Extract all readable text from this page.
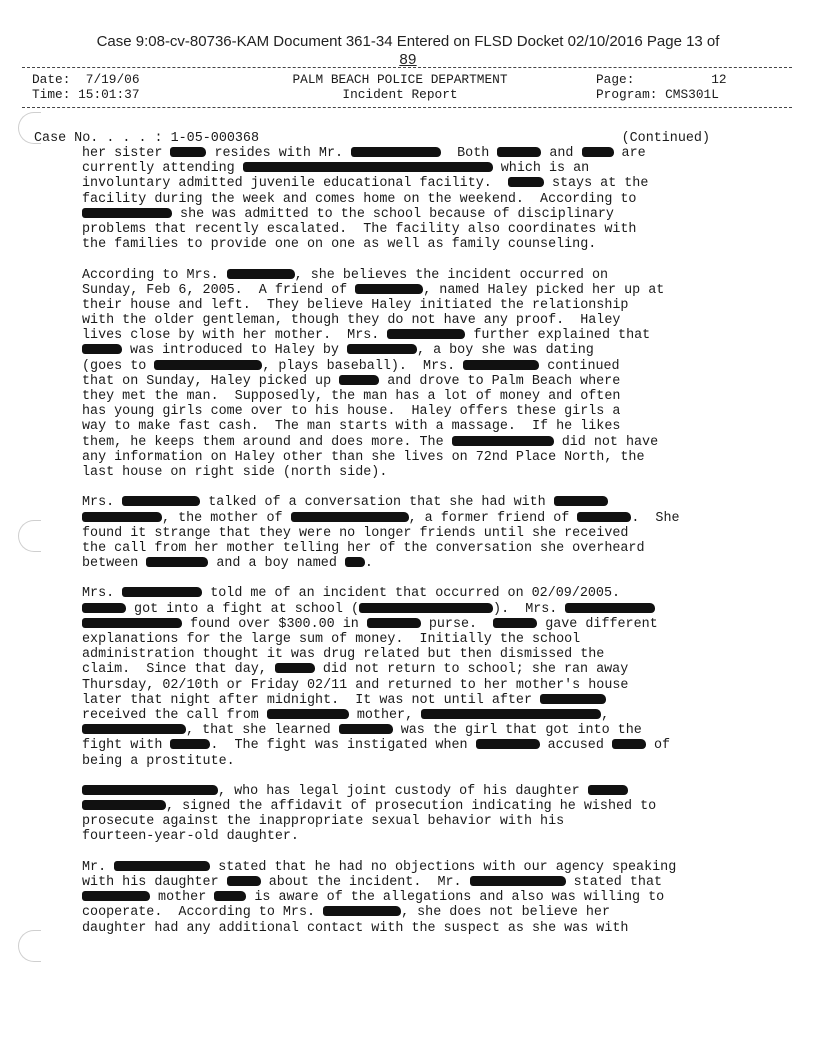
Case 9:08-cv-80736-KAM Document 361-34 Entered on FLSD Docket 02/10/2016 Page 13 of
89
Date: 7/19/06
Time: 15:01:37
PALM BEACH POLICE DEPARTMENT
Incident Report
Page:	12
Program: CMS301L
Case No. . . . : 1-05-000368	(Continued)
her sister	resides with Mr.	Both	and  are
currently attending	which is an
involuntary admitted juvenile educational facility.	stays at the
facility during the week and comes home on the weekend.  According to
she was admitted to the school because of disciplinary
problems that recently escalated.  The facility also coordinates with
the families to provide one on one as well as family counseling.
According to Mrs.	, she believes the incident occurred on
Sunday, Feb 6, 2005.  A friend of	, named Haley picked her up at
their house and left.  They believe Haley initiated the relationship
with the older gentleman, though they do not have any proof.  Haley
lives close by with her mother.  Mrs.	further explained that
was introduced to Haley by	, a boy she was dating
(goes to	, plays baseball).  Mrs.	continued
that on Sunday, Haley picked up	and drove to Palm Beach where
they met the man.  Supposedly, the man has a lot of money and often
has young girls come over to his house.  Haley offers these girls a
way to make fast cash.  The man starts with a massage.  If he likes
them, he keeps them around and does more. The	did not have
any information on Haley other than she lives on 72nd Place North, the
last house on right side (north side).
Mrs.	talked of a conversation that she had with
, the mother of	, a former friend of	.  She
found it strange that they were no longer friends until she received
the call from her mother telling her of the conversation she overheard
between	and a boy named .
Mrs.	told me of an incident that occurred on 02/09/2005.
got into a fight at school (	).  Mrs.
found over $300.00 in	purse.	gave different
explanations for the large sum of money.  Initially the school
administration thought it was drug related but then dismissed the
claim.  Since that day,	did not return to school; she ran away
Thursday, 02/10th or Friday 02/11 and returned to her mother's house
later that night after midnight.  It was not until after
received the call from	mother,	,
, that she learned	was the girl that got into the
fight with	.  The fight was instigated when	accused	of
being a prostitute.
, who has legal joint custody of his daughter
, signed the affidavit of prosecution indicating he wished to
prosecute against the inappropriate sexual behavior with his
fourteen-year-old daughter.
Mr.	stated that he had no objections with our agency speaking
with his daughter	about the incident.  Mr.	stated that
mother  is aware of the allegations and also was willing to
cooperate.  According to Mrs.	, she does not believe her
daughter had any additional contact with the suspect as she was with
